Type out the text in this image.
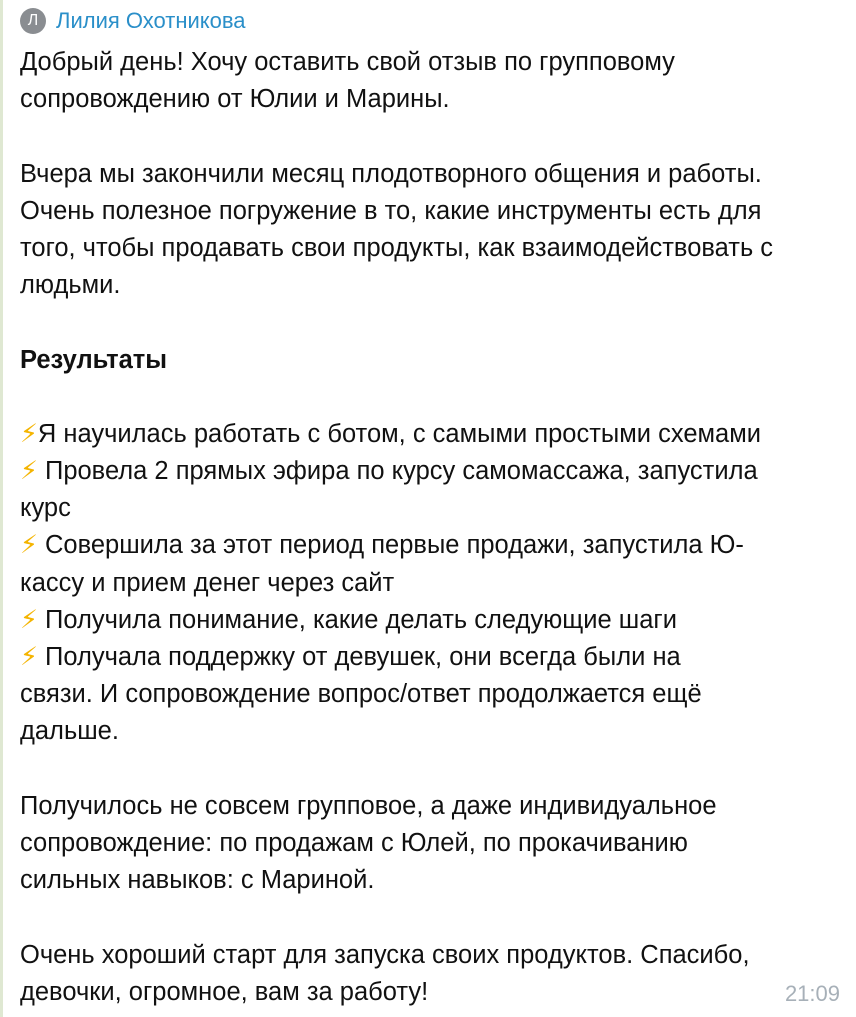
Л Лилия Охотникова
Добрый день! Хочу оставить свой отзыв по групповому
сопровождению от Юлии и Марины.
Вчера мы закончили месяц плодотворного общения и работы.
Очень полезное погружение в то, какие инструменты есть для
того, чтобы продавать свои продукты, как взаимодействовать с
людьми.
Результаты
⚡Я научилась работать с ботом, с самыми простыми схемами
⚡ Провела 2 прямых эфира по курсу самомассажа, запустила
курс
⚡ Совершила за этот период первые продажи, запустила Ю-
кассу и прием денег через сайт
⚡ Получила понимание, какие делать следующие шаги
⚡ Получала поддержку от девушек, они всегда были на
связи. И сопровождение вопрос/ответ продолжается ещё
дальше.
Получилось не совсем групповое, а даже индивидуальное
сопровождение: по продажам с Юлей, по прокачиванию
сильных навыков: с Мариной.
Очень хороший старт для запуска своих продуктов. Спасибо,
девочки, огромное, вам за работу!	21:09
